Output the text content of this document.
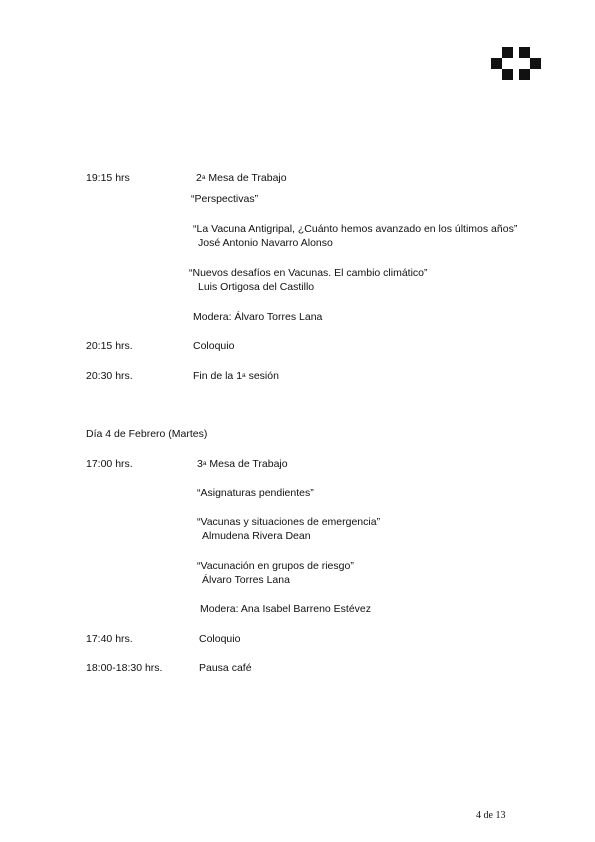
19:15 hrs	2$^a$ Mesa de Trabajo
“Perspectivas”
“La Vacuna Antigripal, ¿Cuánto hemos avanzado en los últimos años”
José Antonio Navarro Alonso
“Nuevos desafíos en Vacunas. El cambio climático”
Luis Ortigosa del Castillo
Modera: Álvaro Torres Lana
20:15 hrs.	Coloquio
20:30 hrs.	Fin de la 1$^a$ sesión
Día 4 de Febrero (Martes)
17:00 hrs.	3$^a$ Mesa de Trabajo
“Asignaturas pendientes”
“Vacunas y situaciones de emergencia”
Almudena Rivera Dean
“Vacunación en grupos de riesgo”
Álvaro Torres Lana
Modera: Ana Isabel Barreno Estévez
17:40 hrs.	Coloquio
18:00-18:30 hrs.	Pausa café
4 de 13
